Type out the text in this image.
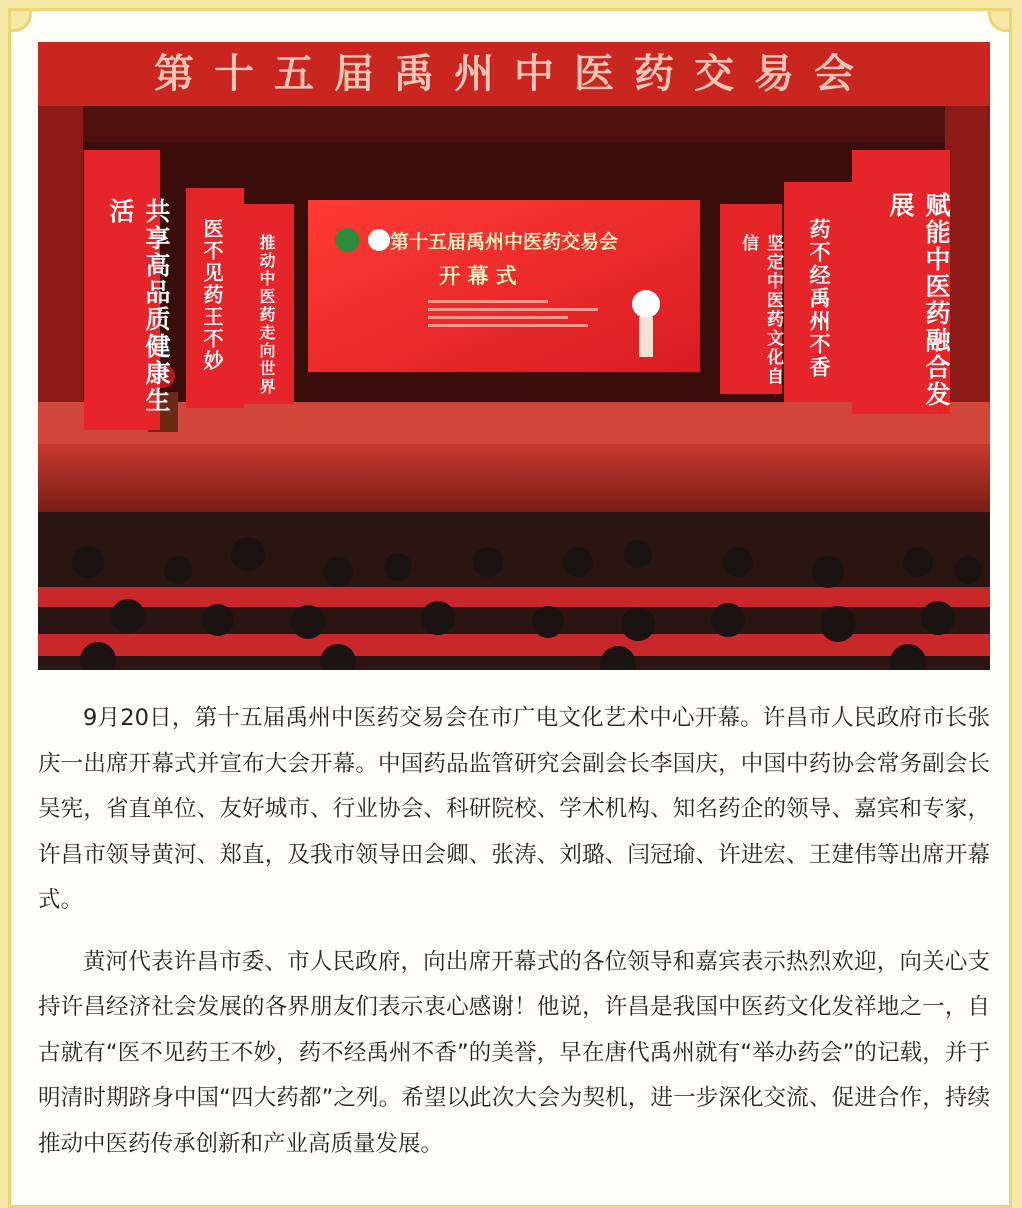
第十五届禹州中医药交易会
第十五届禹州中医药交易会
开 幕 式
共享高品质健康生活
医不见药王不妙 推动中医药走向世界	坚定中医药文化自信	药不经禹州不香	赋能中医药融合发展

9月20日，第十五届禹州中医药交易会在市广电文化艺术中心开幕。许昌市人民政府市长张庆一出席开幕式并宣布大会开幕。中国药品监管研究会副会长李国庆，中国中药协会常务副会长吴宪，省直单位、友好城市、行业协会、科研院校、学术机构、知名药企的领导、嘉宾和专家，许昌市领导黄河、郑直，及我市领导田会卿、张涛、刘璐、闫冠瑜、许进宏、王建伟等出席开幕式。

黄河代表许昌市委、市人民政府，向出席开幕式的各位领导和嘉宾表示热烈欢迎，向关心支持许昌经济社会发展的各界朋友们表示衷心感谢！他说，许昌是我国中医药文化发祥地之一，自古就有“医不见药王不妙，药不经禹州不香”的美誉，早在唐代禹州就有“举办药会”的记载，并于明清时期跻身中国“四大药都”之列。希望以此次大会为契机，进一步深化交流、促进合作，持续推动中医药传承创新和产业高质量发展。
